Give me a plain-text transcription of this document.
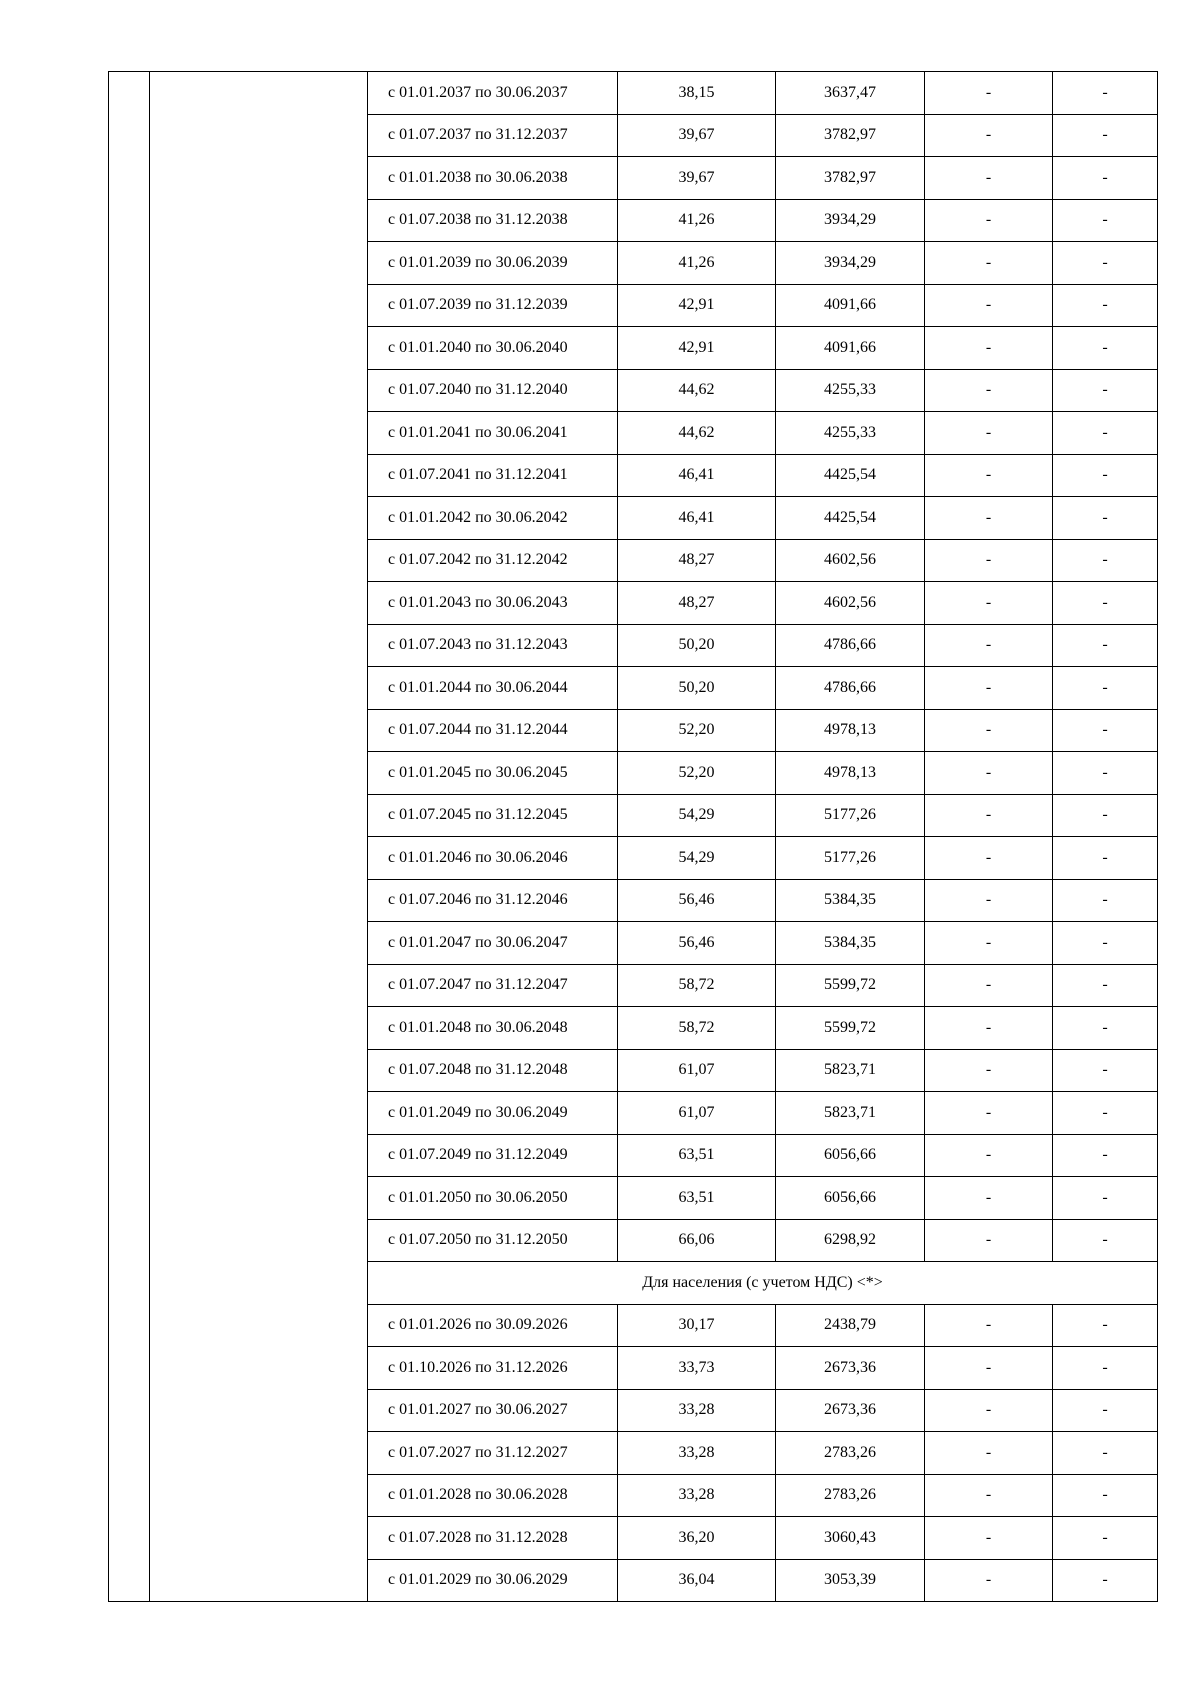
		с 01.01.2037 по 30.06.2037	38,15	3637,47	-	-
		с 01.07.2037 по 31.12.2037	39,67	3782,97	-	-
		с 01.01.2038 по 30.06.2038	39,67	3782,97	-	-
		с 01.07.2038 по 31.12.2038	41,26	3934,29	-	-
		с 01.01.2039 по 30.06.2039	41,26	3934,29	-	-
		с 01.07.2039 по 31.12.2039	42,91	4091,66	-	-
		с 01.01.2040 по 30.06.2040	42,91	4091,66	-	-
		с 01.07.2040 по 31.12.2040	44,62	4255,33	-	-
		с 01.01.2041 по 30.06.2041	44,62	4255,33	-	-
		с 01.07.2041 по 31.12.2041	46,41	4425,54	-	-
		с 01.01.2042 по 30.06.2042	46,41	4425,54	-	-
		с 01.07.2042 по 31.12.2042	48,27	4602,56	-	-
		с 01.01.2043 по 30.06.2043	48,27	4602,56	-	-
		с 01.07.2043 по 31.12.2043	50,20	4786,66	-	-
		с 01.01.2044 по 30.06.2044	50,20	4786,66	-	-
		с 01.07.2044 по 31.12.2044	52,20	4978,13	-	-
		с 01.01.2045 по 30.06.2045	52,20	4978,13	-	-
		с 01.07.2045 по 31.12.2045	54,29	5177,26	-	-
		с 01.01.2046 по 30.06.2046	54,29	5177,26	-	-
		с 01.07.2046 по 31.12.2046	56,46	5384,35	-	-
		с 01.01.2047 по 30.06.2047	56,46	5384,35	-	-
		с 01.07.2047 по 31.12.2047	58,72	5599,72	-	-
		с 01.01.2048 по 30.06.2048	58,72	5599,72	-	-
		с 01.07.2048 по 31.12.2048	61,07	5823,71	-	-
		с 01.01.2049 по 30.06.2049	61,07	5823,71	-	-
		с 01.07.2049 по 31.12.2049	63,51	6056,66	-	-
		с 01.01.2050 по 30.06.2050	63,51	6056,66	-	-
		с 01.07.2050 по 31.12.2050	66,06	6298,92	-	-
		Для населения (с учетом НДС) <*>				
		с 01.01.2026 по 30.09.2026	30,17	2438,79	-	-
		с 01.10.2026 по 31.12.2026	33,73	2673,36	-	-
		с 01.01.2027 по 30.06.2027	33,28	2673,36	-	-
		с 01.07.2027 по 31.12.2027	33,28	2783,26	-	-
		с 01.01.2028 по 30.06.2028	33,28	2783,26	-	-
		с 01.07.2028 по 31.12.2028	36,20	3060,43	-	-
		с 01.01.2029 по 30.06.2029	36,04	3053,39	-	-
